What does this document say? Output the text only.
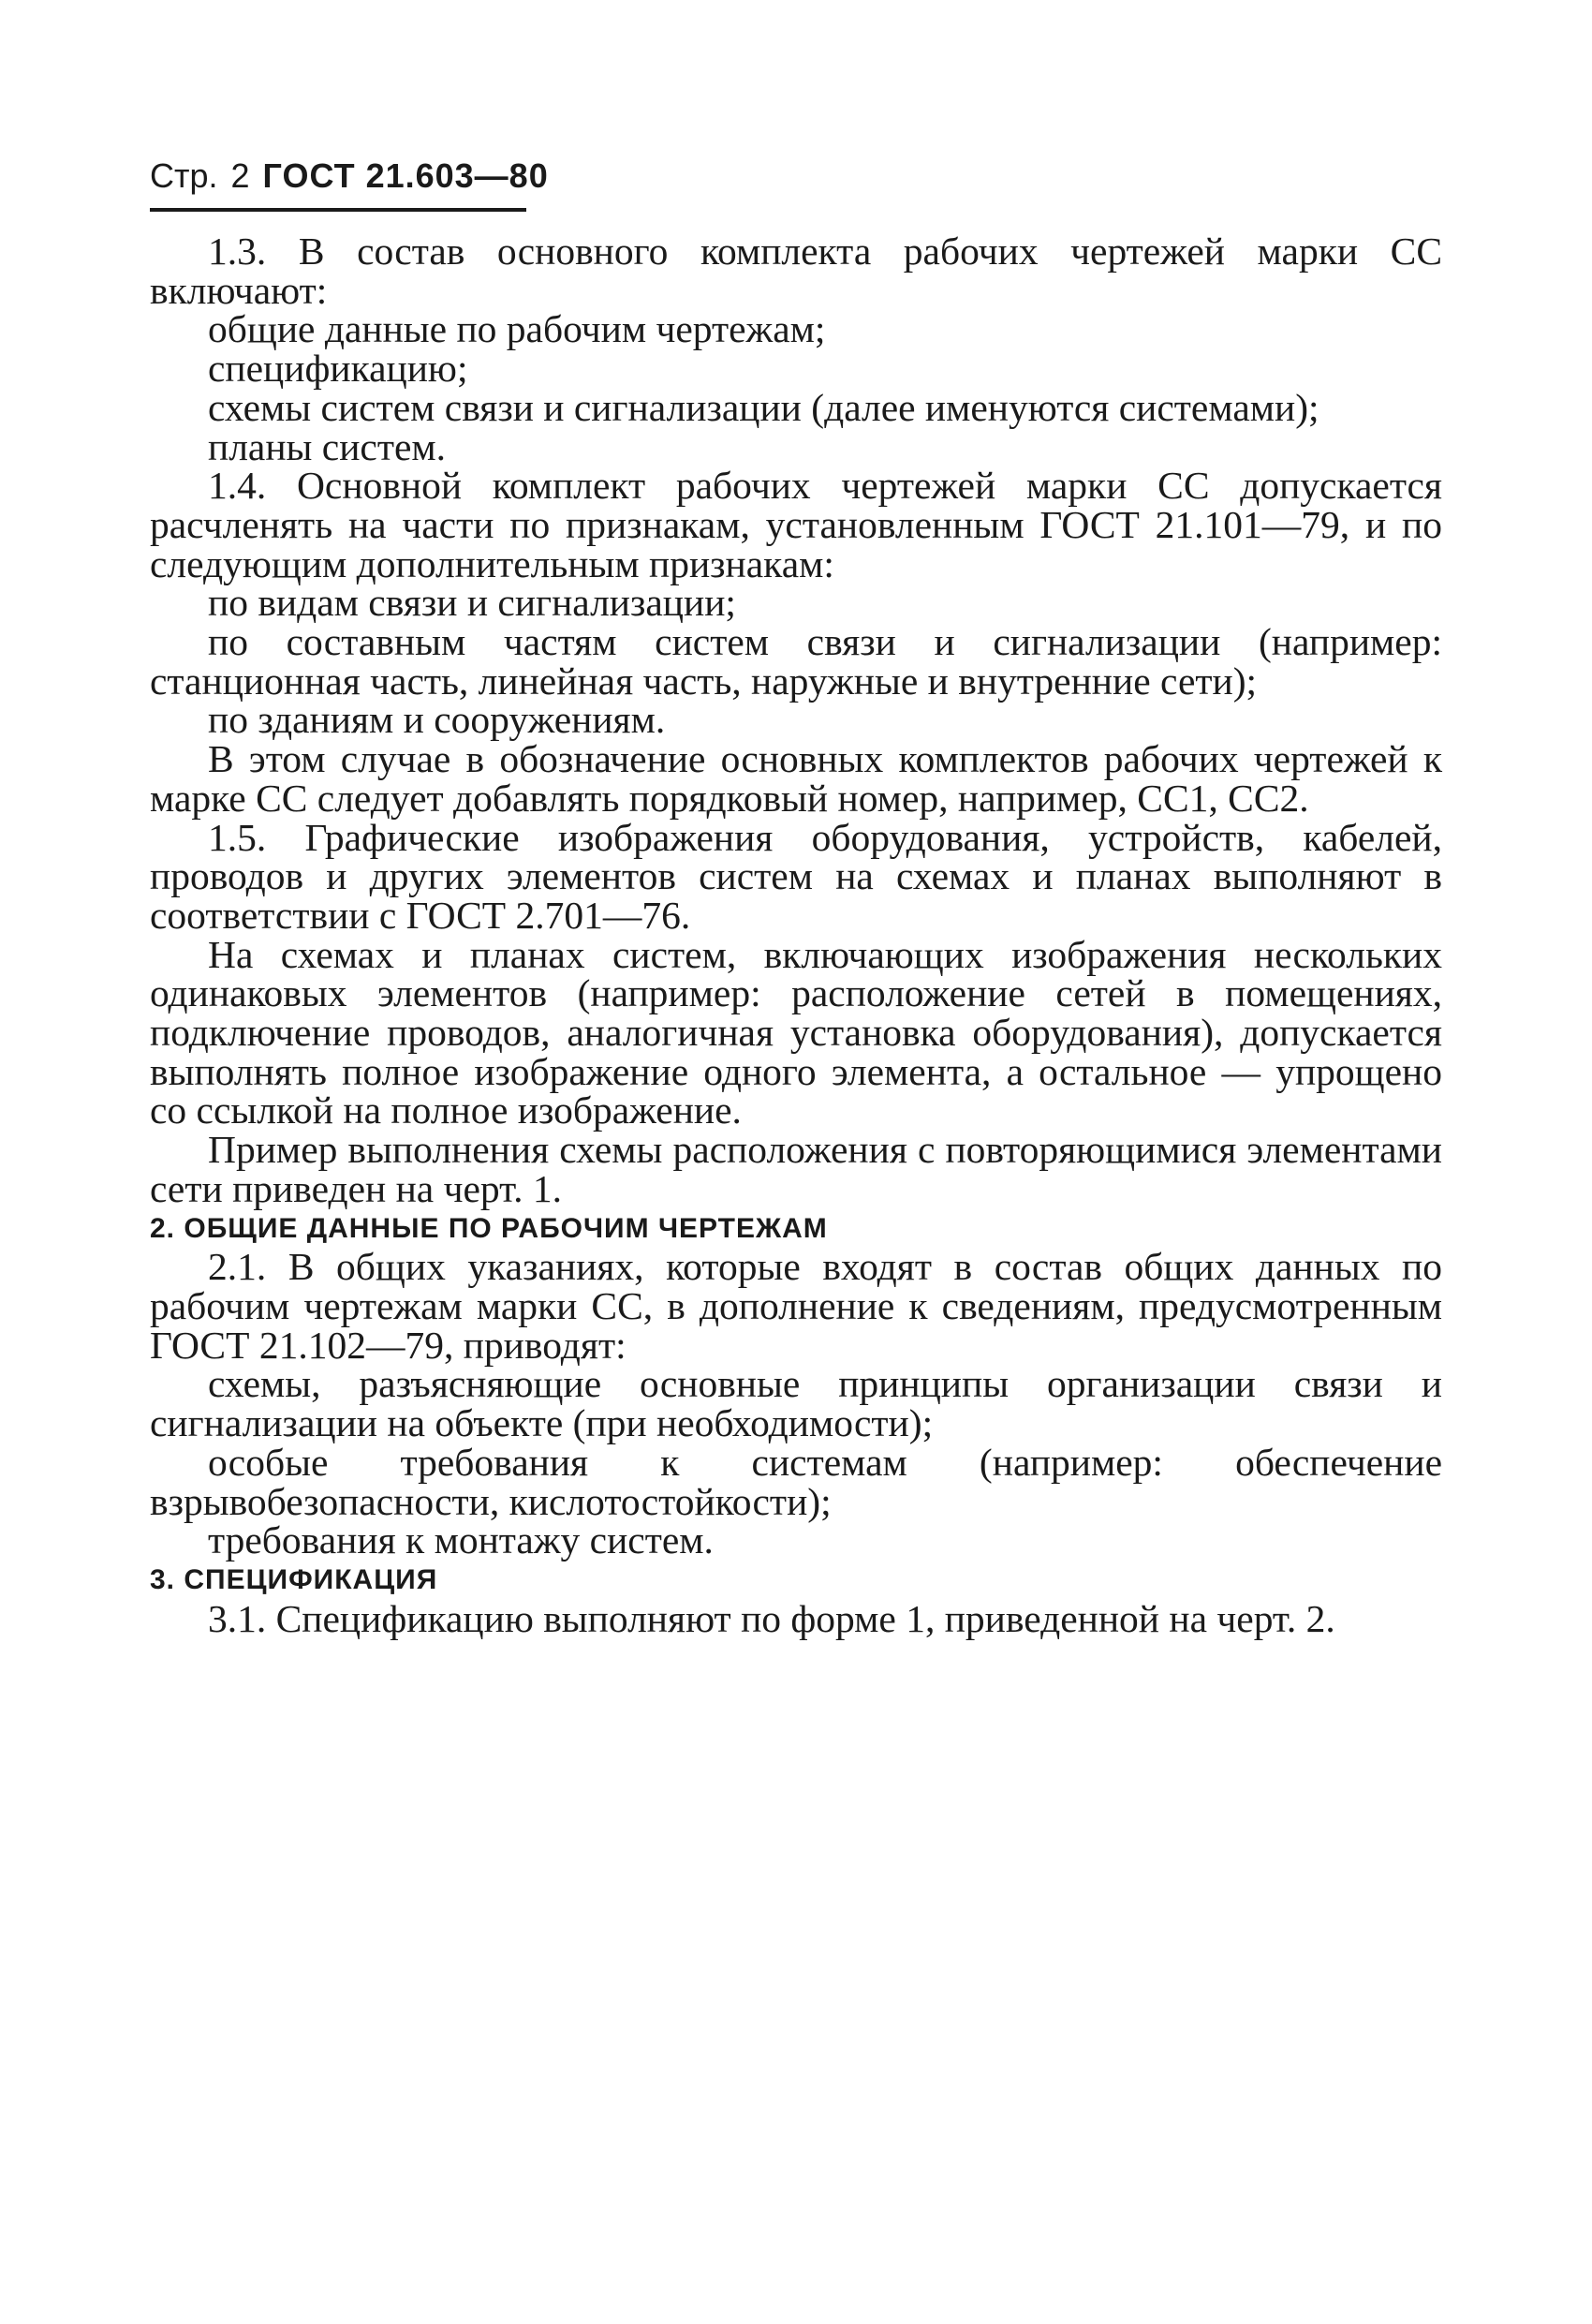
Стр. 2 ГОСТ 21.603—80

1.3. В состав основного комплекта рабочих чертежей марки СС включают:

общие данные по рабочим чертежам;

спецификацию;

схемы систем связи и сигнализации (далее именуются системами);

планы систем.

1.4. Основной комплект рабочих чертежей марки СС допускается расчленять на части по признакам, установленным ГОСТ 21.101—79, и по следующим дополнительным признакам:

по видам связи и сигнализации;

по составным частям систем связи и сигнализации (например: станционная часть, линейная часть, наружные и внутренние сети);

по зданиям и сооружениям.

В этом случае в обозначение основных комплектов рабочих чертежей к марке СС следует добавлять порядковый номер, например, СС1, СС2.

1.5. Графические изображения оборудования, устройств, кабелей, проводов и других элементов систем на схемах и планах выполняют в соответствии с ГОСТ 2.701—76.

На схемах и планах систем, включающих изображения нескольких одинаковых элементов (например: расположение сетей в помещениях, подключение проводов, аналогичная установка оборудования), допускается выполнять полное изображение одного элемента, а остальное — упрощено со ссылкой на полное изображение.

Пример выполнения схемы расположения с повторяющимися элементами сети приведен на черт. 1.

2. ОБЩИЕ ДАННЫЕ ПО РАБОЧИМ ЧЕРТЕЖАМ

2.1. В общих указаниях, которые входят в состав общих данных по рабочим чертежам марки СС, в дополнение к сведениям, предусмотренным ГОСТ 21.102—79, приводят:

схемы, разъясняющие основные принципы организации связи и сигнализации на объекте (при необходимости);

особые требования к системам (например: обеспечение взрывобезопасности, кислотостойкости);

требования к монтажу систем.

3. СПЕЦИФИКАЦИЯ

3.1. Спецификацию выполняют по форме 1, приведенной на черт. 2.
